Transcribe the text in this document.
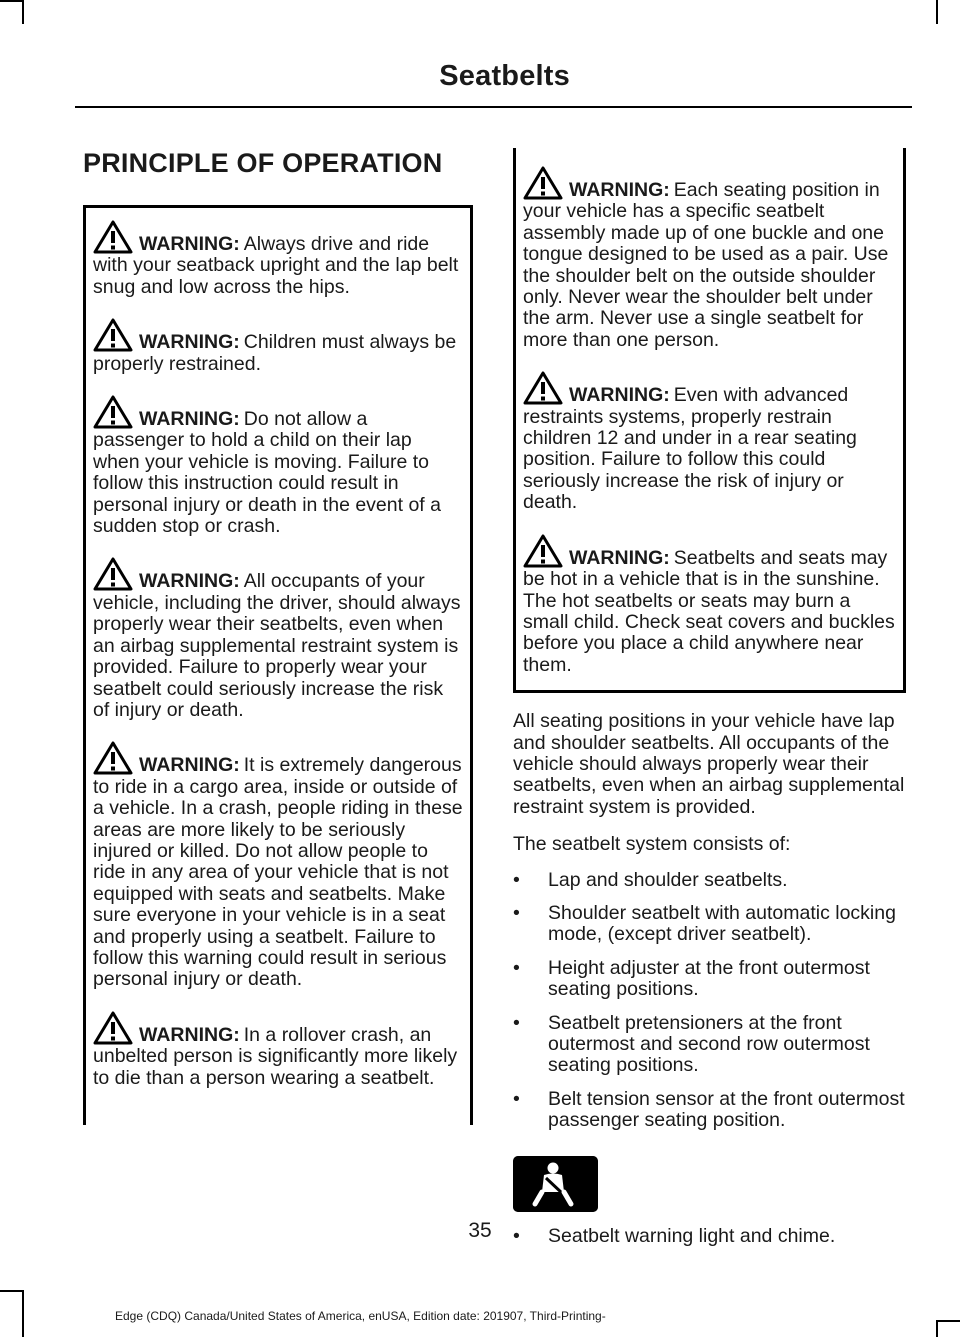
Seatbelts
PRINCIPLE OF OPERATION

WARNING: Always drive and ride with your seatback upright and the lap belt snug and low across the hips.

WARNING: Children must always be properly restrained.

WARNING: Do not allow a passenger to hold a child on their lap when your vehicle is moving. Failure to follow this instruction could result in personal injury or death in the event of a sudden stop or crash.

WARNING: All occupants of your vehicle, including the driver, should always properly wear their seatbelts, even when an airbag supplemental restraint system is provided. Failure to properly wear your seatbelt could seriously increase the risk of injury or death.

WARNING: It is extremely dangerous to ride in a cargo area, inside or outside of a vehicle. In a crash, people riding in these areas are more likely to be seriously injured or killed. Do not allow people to ride in any area of your vehicle that is not equipped with seats and seatbelts. Make sure everyone in your vehicle is in a seat and properly using a seatbelt. Failure to follow this warning could result in serious personal injury or death.

WARNING: In a rollover crash, an unbelted person is significantly more likely to die than a person wearing a seatbelt.

WARNING: Each seating position in your vehicle has a specific seatbelt assembly made up of one buckle and one tongue designed to be used as a pair. Use the shoulder belt on the outside shoulder only. Never wear the shoulder belt under the arm. Never use a single seatbelt for more than one person.

WARNING: Even with advanced restraints systems, properly restrain children 12 and under in a rear seating position. Failure to follow this could seriously increase the risk of injury or death.

WARNING: Seatbelts and seats may be hot in a vehicle that is in the sunshine. The hot seatbelts or seats may burn a small child. Check seat covers and buckles before you place a child anywhere near them.

All seating positions in your vehicle have lap and shoulder seatbelts. All occupants of the vehicle should always properly wear their seatbelts, even when an airbag supplemental restraint system is provided.

The seatbelt system consists of:

• Lap and shoulder seatbelts.
• Shoulder seatbelt with automatic locking mode, (except driver seatbelt).
• Height adjuster at the front outermost seating positions.
• Seatbelt pretensioners at the front outermost and second row outermost seating positions.
• Belt tension sensor at the front outermost passenger seating position.
• Seatbelt warning light and chime.
35
Edge (CDQ) Canada/United States of America, enUSA, Edition date: 201907, Third-Printing-
